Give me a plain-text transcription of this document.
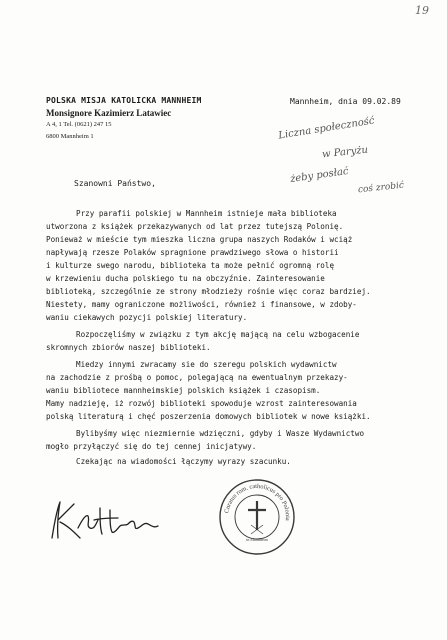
19
POLSKA MISJA KATOLICKA MANNHEIM
Monsignore Kazimierz Latawiec
A 4, 1 Tel. (0621) 247 15
6800 Mannheim 1
Mannheim, dnia 09.02.89
Liczna społeczność
w Paryżu
żeby posłać
coś zrobić
Szanowni Państwo,
Przy parafii polskiej w Mannheim istnieje mała biblioteka
utworzona z książek przekazywanych od lat przez tutejszą Polonię.
Ponieważ w mieście tym mieszka liczna grupa naszych Rodaków i wciąż
napływają rzesze Polaków spragnione prawdziwego słowa o historii
i kulturze swego narodu, biblioteka ta może pełnić ogromną rolę
w krzewieniu ducha polskiego tu na obczyźnie. Zainteresowanie
biblioteką, szczególnie ze strony młodzieży rośnie więc coraz bardziej.
Niestety, mamy ograniczone możliwości, również i finansowe, w zdoby-
waniu ciekawych pozycji polskiej literatury.
Rozpoczęliśmy w związku z tym akcję mającą na celu wzbogacenie
skromnych zbiorów naszej biblioteki.
Miedzy innymi zwracamy sie do szeregu polskich wydawnictw
na zachodzie z prośbą o pomoc, polegającą na ewentualnym przekazy-
waniu bibliotece mannheimskiej polskich książek i czasopism.
Mamy nadzieję, iż rozwój biblioteki spowoduje wzrost zainteresowania
polską literaturą i chęć poszerzenia domowych bibliotek w nowe książki.
Bylibyśmy więc niezmiernie wdzięczni, gdyby i Wasze Wydawnictwo
mogło przyłączyć się do tej cennej inicjatywy.
Czekając na wiadomości łączymy wyrazy szacunku.
Curatus rom. catholicus pro Polonia
in Mannheim
